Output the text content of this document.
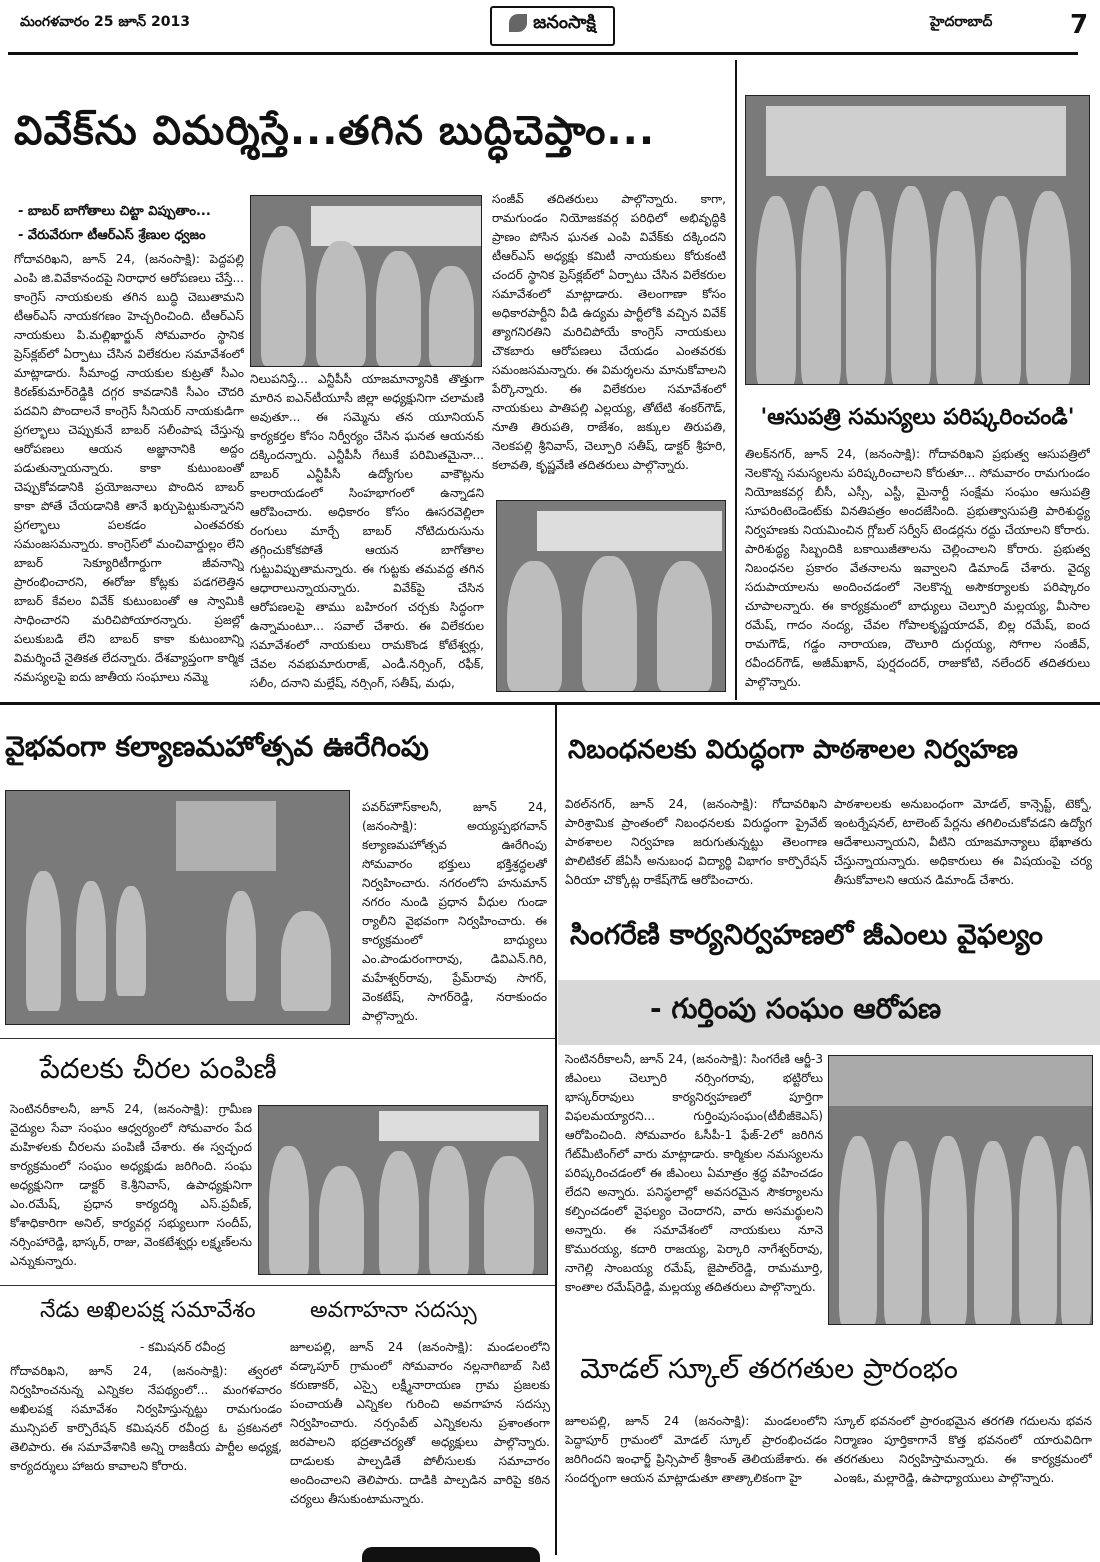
మంగళవారం 25 జూన్ 2013	జనంసాక్షి	హైదరాబాద్	7
వివేక్‌ను విమర్శిస్తే...తగిన బుద్ధిచెప్తాం...
- బాబర్ బాగోతాలు చిట్టా విప్పుతాం...
- వేరువేరుగా టీఆర్‌ఎస్ శ్రేణుల ధ్వజం
గోదావరిఖని, జూన్ 24, (జనంసాక్షి): పెద్దపల్లి ఎంపి జి.వివేకానందపై నిరాధార ఆరోపణలు చేస్తే... కాంగ్రెస్ నాయకులకు తగిన బుద్ధి చెబుతామని టీఆర్‌ఎస్ నాయకగణం హెచ్చరించింది. టీఆర్‌ఎస్ నాయకులు పి.మల్లిఖార్జున్ సోమవారం స్థానిక ప్రెస్‌క్లబ్‌లో ఏర్పాటు చేసిన విలేకరుల సమావేశంలో మాట్లాడారు. సీమాంధ్ర నాయకుల కుట్రతో సీఎం కిరణ్‌కుమార్‌రెడ్డికి దగ్గర కావడానికి సీఎం చౌదరి పదవిని పొందాలనే కాంగ్రెస్ సీనియర్ నాయకుడిగా ప్రగల్భాలు చెప్పుకునే బాబర్ సలీంపాష చేస్తున్న ఆరోపణలు ఆయన అజ్ఞానానికి అద్దం పడుతున్నాయన్నారు. కాకా కుటుంబంతో చెప్పుకోవడానికి ప్రయోజనాలు పొందిన బాబర్ కాకా పోతే చేయడానికి తానే ఖర్చుపెట్టుకున్నానని ప్రగల్భాలు పలకడం ఎంతవరకు సమంజసమన్నారు. కాంగ్రెస్‌లో మంచివార్డుల్లం లేని బాబర్ సెక్యూరిటీగార్డుగా జీవనాన్ని ప్రారంభించారని, ఈరోజు కోట్లకు పడగలెత్తిన బాబర్ కేవలం వివేక్ కుటుంబంతో ఆ స్వామికి సాధించారని మరిచిపోయారన్నారు. ప్రజల్లో పలుకుబడి లేని బాబర్ కాకా కుటుంబాన్ని విమర్శించే నైతికత లేదన్నారు. దేశవ్యాప్తంగా కార్మిక నమస్యలపై ఐదు జాతీయ సంఘాలు నమ్మె
నిలుపనిస్తే... ఎన్టీపీసీ యాజమాన్యానికి తొత్తుగా మారిన ఐఎన్‌టీయూసీ జిల్లా అధ్యక్షునిగా చలామణి అవుతూ... ఈ సమ్మెను తన యూనియన్ కార్యకర్తల కోసం నిర్వీర్యం చేసిన ఘనత ఆయనకు దక్కిందన్నారు. ఎన్టీపీసీ గేటుకే పరిమితమైనా... బాబర్ ఎన్టీపీసీ ఉద్యోగుల వాకౌట్లను కాలరాయడంలో సింహభాగంలో ఉన్నాడని ఆరోపించారు. అధికారం కోసం ఊసరవెల్లిలా రంగులు మార్చే బాబర్ నోటిదురుసును తగ్గించుకోకపోతే ఆయన బాగోతాల గుట్టువిప్పుతామన్నారు. ఈ గుట్టకు తమవద్ద తగిన ఆధారాలున్నాయన్నారు. వివేక్‌పై చేసిన ఆరోపణలపై తాము బహిరంగ చర్చకు సిద్ధంగా ఉన్నామంటూ... సవాల్ చేశారు. ఈ విలేకరుల సమావేశంలో నాయకులు రామకొండ కోటేశ్వర్లు, చేవల నవభుమారురాజ్, ఎండీ.నర్సింగ్, రఫీక్, సలీం, దనాని మల్లేష్, నర్సింగ్, సతీష్, మధు,
సంజీవ్ తదితరులు పాల్గొన్నారు. కాగా, రామగుండం నియోజకవర్గ పరిధిలో అభివృద్ధికి ప్రాణం పోసిన ఘనత ఎంపి వివేక్‌కు దక్కిందని టీఆర్‌ఎస్ అధ్యక్షు కమిటీ నాయకులు కోరుకంటి చందర్ స్థానిక ప్రెస్‌క్లబ్‌లో ఏర్పాటు చేసిన విలేకరుల సమావేశంలో మాట్లాడారు. తెలంగాణా కోసం అధికారపార్టీని వీడి ఉద్యమ పార్టీలోకి వచ్చిన వివేక్ త్యాగనిరతిని మరిచిపోయే కాంగ్రెస్ నాయకులు చౌకబారు ఆరోపణలు చేయడం ఎంతవరకు సమంజసమన్నారు. ఈ విమర్శలను మానుకోవాలని పేర్కొన్నారు. ఈ విలేకరుల సమావేశంలో నాయకులు పాతిపల్లి ఎల్లయ్య, తోటేటి శంకర్‌గౌడ్, నూతి తిరుపతి, రాజేశం, జక్కుల తిరుపతి, నెలకపల్లి శ్రీనివాస్, చెల్పూరి సతీష్, డాక్టర్ శ్రీహరి, కలావతి, కృష్ణవేణి తదితరులు పాల్గొన్నారు.
'ఆసుపత్రి సమస్యలు పరిష్కరించండి'
తిలక్‌నగర్, జూన్ 24, (జనంసాక్షి): గోదావరిఖని ప్రభుత్వ ఆసుపత్రిలో నెలకొన్న సమస్యలను పరిష్కరించాలని కోరుతూ... సోమవారం రామగుండం నియోజకవర్గ బీసీ, ఎస్సీ, ఎస్టీ, మైనార్టీ సంక్షేమ సంఘం ఆసుపత్రి సూపరింటెండెంట్‌కు వినతిపత్రం అందజేసింది. ప్రభుత్వాసుపత్రి పారిశుద్ధ్య నిర్వహణకు నియమించిన గ్లోబల్ సర్వీస్ టెండర్లను రద్దు చేయాలని కోరారు. పారిశుద్ధ్య సిబ్బందికి బకాయిజీతాలను చెల్లించాలని కోరారు. ప్రభుత్వ నిబంధనల ప్రకారం వేతనాలను ఇవ్వాలని డిమాండ్ చేశారు. వైద్య సదుపాయాలను అందించడంలో నెలకొన్న అసౌకర్యాలకు పరిష్కారం చూపాలన్నారు. ఈ కార్యక్రమంలో బాధ్యులు చెల్పూరి మల్లయ్య, మీసాల రమేష్, గాదం నంద్య, చేవల గోపాలకృష్ణయాదవ్, బిల్ల రమేష్, ఐంద రామగౌడ్, గడ్డం నారాయణ, దౌలూరి దుర్గయ్య, సోగాల సంజీవ్, రవీందర్‌గౌడ్, అజీమ్‌ఖాన్, పుర్షదందర్, రాజుకోటి, నలేందర్ తదితరులు పాల్గొన్నారు.
వైభవంగా కల్యాణమహోత్సవ ఊరేగింపు
పవర్‌హౌస్‌కాలనీ, జూన్ 24, (జనంసాక్షి): అయ్యప్పభగవాన్ కల్యాణమహోత్సవ ఊరేగింపు సోమవారం భక్తులు భక్తిశ్రద్ధలతో నిర్వహించారు. నగరంలోని హనుమాన్ నగరం నుండి ప్రధాన వీధుల గుండా ర్యాలీని వైభవంగా నిర్వహించారు. ఈ కార్యక్రమంలో బాధ్యులు ఎం.పాండురంగారావు, డివిఎన్.గిరి, మహేశ్వర్‌రావు, ప్రేమ్‌రావు సాగర్, వెంకటేష్, సాగర్‌రెడ్డి, నరాకుందం పాల్గొన్నారు.
నిబంధనలకు విరుద్ధంగా పాఠశాలల నిర్వహణ
విఠల్‌నగర్, జూన్ 24, (జనంసాక్షి): గోదావరిఖని పారిశ్రామిక ప్రాంతంలో నిబంధనలకు విరుద్ధంగా ప్రైవేట్ పాఠశాలల నిర్వహణ జరుగుతున్నట్టు తెలంగాణ పొలిటికల్ జేఏసీ అనుబంధ విద్యార్థి విభాగం కార్పొరేషన్ ఏరియా చొక్కోట్ల రాకేష్‌గౌడ్ ఆరోపించారు.
పాఠశాలలకు అనుబంధంగా మోడల్, కాన్సెప్ట్, టెక్నో, ఇంటర్నేషనల్, టాలెంట్ పేర్లను తగిలించుకోవడని ఉద్యోగ ఆదేశాలున్నాయని, వీటిని యాజమాన్యాలు భేఖాతరు చేస్తున్నాయన్నారు. అధికారులు ఈ విషయంపై చర్య తీసుకోవాలని ఆయన డిమాండ్ చేశారు.
సింగరేణి కార్యనిర్వహణలో జీఎంలు వైఫల్యం
- గుర్తింపు సంఘం ఆరోపణ
సెంటినరీకాలనీ, జూన్ 24, (జనంసాక్షి): సింగరేణి ఆర్జీ-3 జీఎంలు చెల్పూరి నర్సింగరావు, భట్టిరోలు భాస్కర్‌రావులు కార్యనిర్వహణలో పూర్తిగా విఫలమయ్యారని... గుర్తింపుసంఘం(టీబీజీకెఎస్) ఆరోపించింది. సోమవారం ఓసీపీ-1 ఫేజ్-2లో జరిగిన గేట్‌మీటింగ్‌లో వారు మాట్లాడారు. కార్మికుల నమస్యలను పరిష్కరించడంలో ఈ జీఎంలు ఏమాత్రం శ్రద్ధ వహించడం లేదని అన్నారు. పనిస్థలాల్లో అవసరమైన సౌకర్యాలను కల్పించడంలో వైఫల్యం చెందారని, వారు అసమర్థులని అన్నారు. ఈ సమావేశంలో నాయకులు నూనె కొమురయ్య, కదారి రాజయ్య, పెర్కారి నాగేశ్వర్‌రావు, నాగెల్లి సాంబయ్య రమేష్, జైపాల్‌రెడ్డి, రామమూర్తి, కాంతాల రమేష్‌రెడ్డి, మల్లయ్య తదితరులు పాల్గొన్నారు.
పేదలకు చీరల పంపిణీ
సెంటినరీకాలనీ, జూన్ 24, (జనంసాక్షి): గ్రామీణ వైద్యుల సేవా సంఘం ఆధ్వర్యంలో సోమవారం పేద మహిళలకు చీరలను పంపిణీ చేశారు. ఈ స్వచ్ఛంద కార్యక్రమంలో సంఘం అధ్యక్షుడు జరిగింది. సంఘ అధ్యక్షునిగా డాక్టర్ కె.శ్రీనివాస్, ఉపాధ్యక్షునిగా ఎం.రమేష్, ప్రధాన కార్యదర్శి ఎస్.ప్రవీణ్, కోశాధికారిగా అనిల్, కార్యవర్గ సభ్యులుగా సందీప్, నర్సింహారెడ్డి, భాస్కర్, రాజు, వెంకటేశ్వర్లు లక్ష్మణ్‌లను ఎన్నుకున్నారు.
నేడు అఖిలపక్ష సమావేశం
- కమిషనర్ రవీంద్ర
గోదావరిఖని, జూన్ 24, (జనంసాక్షి): త్వరలో నిర్వహించనున్న ఎన్నికల నేపథ్యంలో... మంగళవారం అఖిలపక్ష సమావేశం నిర్వహిస్తున్నట్టు రామగుండం మున్సిపల్ కార్పొరేషన్ కమిషనర్ రవీంద్ర ఓ ప్రకటనలో తెలిపారు. ఈ సమావేశానికి అన్ని రాజకీయ పార్టీల అధ్యక్ష, కార్యదర్శులు హాజరు కావాలని కోరారు.
అవగాహనా సదస్సు
జూలపల్లి, జూన్ 24 (జనంసాక్షి): మండలంలోని వడ్కాపూర్ గ్రామంలో సోమవారం నల్లనాగిబాబ్ సిటి కరుణాకర్, ఎస్సై లక్ష్మీనారాయణ గ్రామ ప్రజలకు పంచాయతీ ఎన్నికల గురించి అవగాహన సదస్సు నిర్వహించారు. నర్సంపేట్ ఎన్నికలను ప్రశాంతంగా జరపాలని భద్రతాచర్యతో అధ్యక్షులు పాల్గొన్నారు. దాడులకు పాల్పడితే పోలీసులకు సమాచారం అందించాలని తెలిపారు. దాడికి పాల్పడిన వారిపై కఠిన చర్యలు తీసుకుంటామన్నారు.
మోడల్ స్కూల్ తరగతుల ప్రారంభం
జూలపల్లి, జూన్ 24 (జనంసాక్షి): మండలంలోని పెద్దాపూర్ గ్రామంలో మోడల్ స్కూల్ ప్రారంభించడం జరిగిందని ఇంఛార్జ్ ప్రిన్సిపాల్ శ్రీకాంత్ తెలియజేశారు. ఈ సందర్భంగా ఆయన మాట్లాడుతూ తాత్కాలికంగా హై
స్కూల్ భవనంలో ప్రారంభమైన తరగతి గదులను భవన నిర్మాణం పూర్తికాగానే కొత్త భవనంలో యారువిదిగా తరగతులు నిర్వహిస్తామన్నారు. ఈ కార్యక్రమంలో ఎంఇఓ, మల్లారెడ్డి, ఉపాధ్యాయులు పాల్గొన్నారు.
